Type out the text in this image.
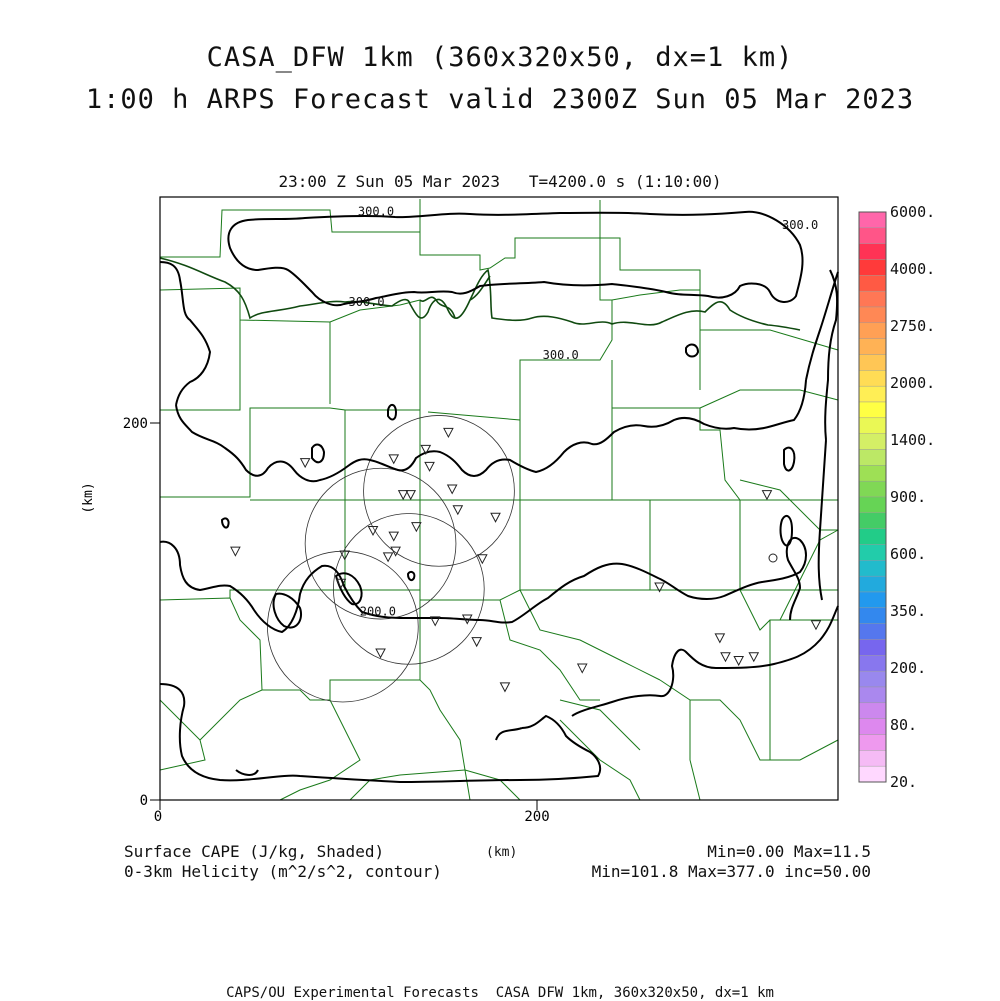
CASA_DFW 1km (360x320x50, dx=1 km)
1:00 h ARPS Forecast valid 2300Z Sun 05 Mar 2023
23:00 Z Sun 05 Mar 2023   T=4200.0 s (1:10:00)
300.0
300.0
300.0
300.0
200.0
0	200
0
200
(km)
6000.
4000.
2750.
2000.
1400.
900.
600.
350.
200.
80.
20.
(km)
Surface CAPE (J/kg, Shaded)
0-3km Helicity (m^2/s^2, contour)
Min=0.00 Max=11.5
Min=101.8 Max=377.0 inc=50.00
CAPS/OU Experimental Forecasts  CASA DFW 1km, 360x320x50, dx=1 km
